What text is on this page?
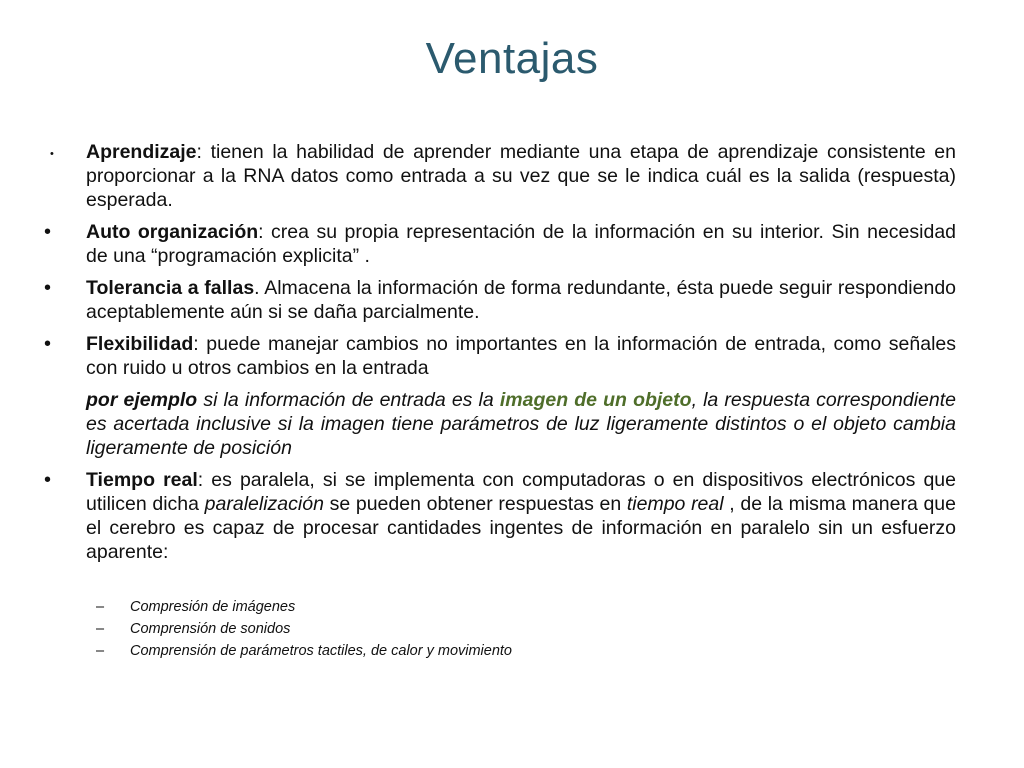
Ventajas
•	Aprendizaje: tienen la habilidad de aprender mediante una etapa de aprendizaje consistente en proporcionar a la RNA datos como entrada a su vez que se le indica cuál es la salida (respuesta) esperada.
•	Auto organización: crea su propia representación de la información en su interior. Sin necesidad de una “programación explicita” .
•	Tolerancia a fallas. Almacena la información de forma redundante, ésta puede seguir respondiendo aceptablemente aún si se daña parcialmente.
•	Flexibilidad: puede manejar cambios no importantes en la información de entrada, como señales con ruido u otros cambios en la entrada
por ejemplo si la información de entrada es la imagen de un objeto, la respuesta correspondiente es acertada inclusive si la imagen tiene parámetros de luz ligeramente distintos o el objeto cambia ligeramente de posición
•	Tiempo real: es paralela, si se implementa con computadoras o en dispositivos electrónicos que utilicen dicha paralelización se pueden obtener respuestas en tiempo real , de la misma manera que el cerebro es capaz de procesar cantidades ingentes de información en paralelo sin un esfuerzo aparente:
– Compresión de imágenes
– Comprensión de sonidos
– Comprensión de parámetros tactiles, de calor y movimiento
